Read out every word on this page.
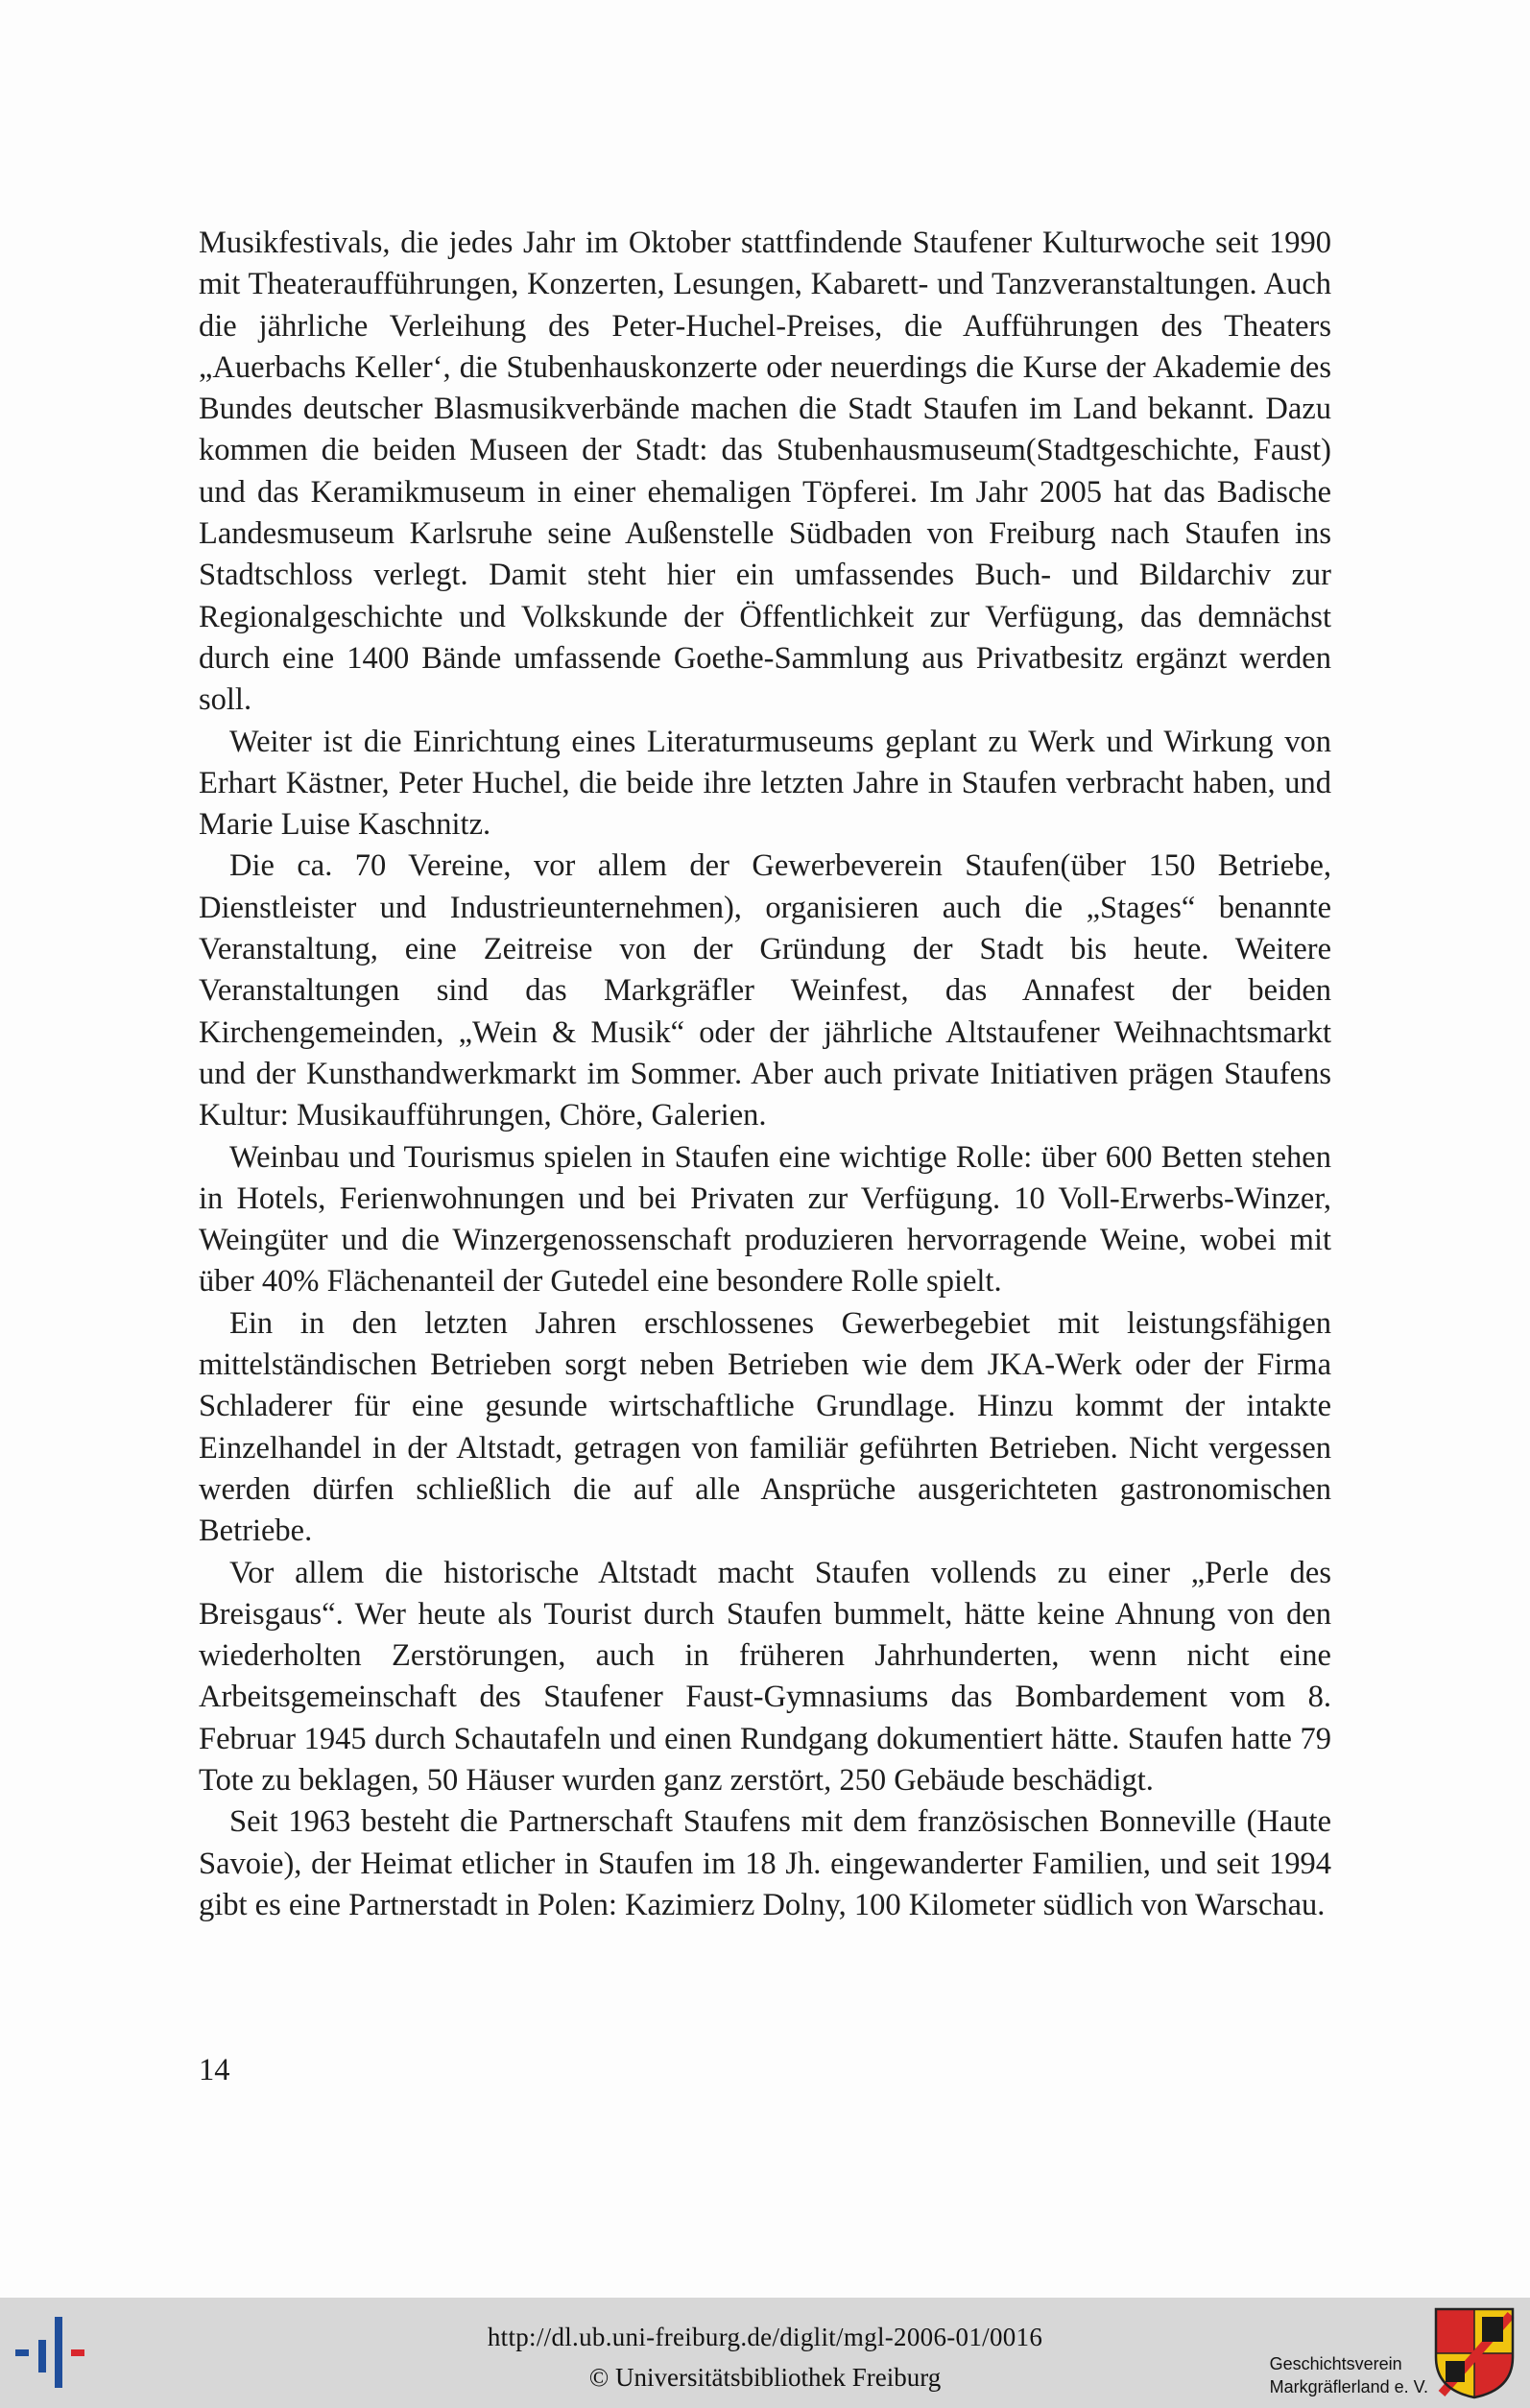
Musikfestivals, die jedes Jahr im Oktober stattfindende Staufener Kulturwoche seit 1990 mit Theateraufführungen, Konzerten, Lesungen, Kabarett- und Tanzveranstaltungen. Auch die jährliche Verleihung des Peter-Huchel-Preises, die Aufführungen des Theaters „Auerbachs Keller‘, die Stubenhauskonzerte oder neuerdings die Kurse der Akademie des Bundes deutscher Blasmusikverbände machen die Stadt Staufen im Land bekannt. Dazu kommen die beiden Museen der Stadt: das Stubenhausmuseum(Stadtgeschichte, Faust) und das Keramikmuseum in einer ehemaligen Töpferei. Im Jahr 2005 hat das Badische Landesmuseum Karlsruhe seine Außenstelle Südbaden von Freiburg nach Staufen ins Stadtschloss verlegt. Damit steht hier ein umfassendes Buch- und Bildarchiv zur Regionalgeschichte und Volkskunde der Öffentlichkeit zur Verfügung, das demnächst durch eine 1400 Bände umfassende Goethe-Sammlung aus Privatbesitz ergänzt werden soll.

Weiter ist die Einrichtung eines Literaturmuseums geplant zu Werk und Wirkung von Erhart Kästner, Peter Huchel, die beide ihre letzten Jahre in Staufen verbracht haben, und Marie Luise Kaschnitz.

Die ca. 70 Vereine, vor allem der Gewerbeverein Staufen(über 150 Betriebe, Dienstleister und Industrieunternehmen), organisieren auch die „Stages“ benannte Veranstaltung, eine Zeitreise von der Gründung der Stadt bis heute. Weitere Veranstaltungen sind das Markgräfler Weinfest, das Annafest der beiden Kirchengemeinden, „Wein & Musik“ oder der jährliche Altstaufener Weihnachtsmarkt und der Kunsthandwerkmarkt im Sommer. Aber auch private Initiativen prägen Staufens Kultur: Musikaufführungen, Chöre, Galerien.

Weinbau und Tourismus spielen in Staufen eine wichtige Rolle: über 600 Betten stehen in Hotels, Ferienwohnungen und bei Privaten zur Verfügung. 10 Voll-Erwerbs-Winzer, Weingüter und die Winzergenossenschaft produzieren hervorragende Weine, wobei mit über 40% Flächenanteil der Gutedel eine besondere Rolle spielt.

Ein in den letzten Jahren erschlossenes Gewerbegebiet mit leistungsfähigen mittelständischen Betrieben sorgt neben Betrieben wie dem JKA-Werk oder der Firma Schladerer für eine gesunde wirtschaftliche Grundlage. Hinzu kommt der intakte Einzelhandel in der Altstadt, getragen von familiär geführten Betrieben. Nicht vergessen werden dürfen schließlich die auf alle Ansprüche ausgerichteten gastronomischen Betriebe.

Vor allem die historische Altstadt macht Staufen vollends zu einer „Perle des Breisgaus“. Wer heute als Tourist durch Staufen bummelt, hätte keine Ahnung von den wiederholten Zerstörungen, auch in früheren Jahrhunderten, wenn nicht eine Arbeitsgemeinschaft des Staufener Faust-Gymnasiums das Bombardement vom 8. Februar 1945 durch Schautafeln und einen Rundgang dokumentiert hätte. Staufen hatte 79 Tote zu beklagen, 50 Häuser wurden ganz zerstört, 250 Gebäude beschädigt.

Seit 1963 besteht die Partnerschaft Staufens mit dem französischen Bonneville (Haute Savoie), der Heimat etlicher in Staufen im 18 Jh. eingewanderter Familien, und seit 1994 gibt es eine Partnerstadt in Polen: Kazimierz Dolny, 100 Kilometer südlich von Warschau.

14
http://dl.ub.uni-freiburg.de/diglit/mgl-2006-01/0016
© Universitätsbibliothek Freiburg	Geschichtsverein
Markgräflerland e. V.
